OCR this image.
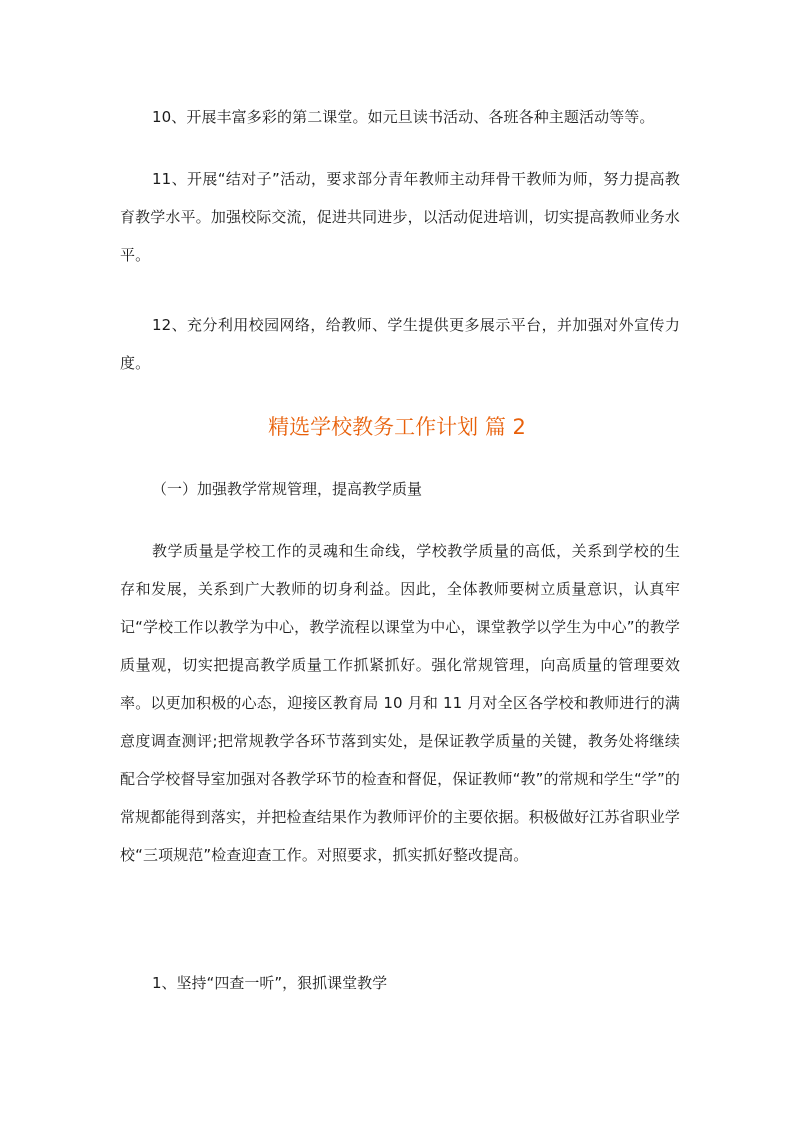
10、开展丰富多彩的第二课堂。如元旦读书活动、各班各种主题活动等等。
11、开展“结对子”活动，要求部分青年教师主动拜骨干教师为师，努力提高教育教学水平。加强校际交流，促进共同进步，以活动促进培训，切实提高教师业务水平。
12、充分利用校园网络，给教师、学生提供更多展示平台，并加强对外宣传力度。
精选学校教务工作计划 篇 2
（一）加强教学常规管理，提高教学质量
教学质量是学校工作的灵魂和生命线，学校教学质量的高低，关系到学校的生存和发展，关系到广大教师的切身利益。因此，全体教师要树立质量意识，认真牢记“学校工作以教学为中心，教学流程以课堂为中心，课堂教学以学生为中心”的教学质量观，切实把提高教学质量工作抓紧抓好。强化常规管理，向高质量的管理要效率。以更加积极的心态，迎接区教育局 10 月和 11 月对全区各学校和教师进行的满意度调查测评;把常规教学各环节落到实处，是保证教学质量的关键，教务处将继续配合学校督导室加强对各教学环节的检查和督促，保证教师“教”的常规和学生“学”的常规都能得到落实，并把检查结果作为教师评价的主要依据。积极做好江苏省职业学校“三项规范”检查迎查工作。对照要求，抓实抓好整改提高。
1、坚持“四查一听”，狠抓课堂教学
